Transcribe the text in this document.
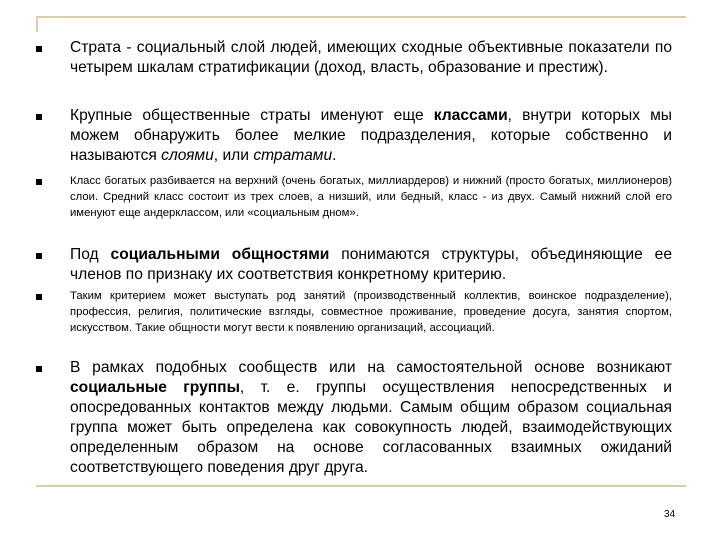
Страта - социальный слой людей, имеющих сходные объективные показатели по четырем шкалам стратификации (доход, власть, образование и престиж).
Крупные общественные страты именуют еще классами, внутри которых мы можем обнаружить более мелкие подразделения, которые собственно и называются слоями, или стратами.
Класс богатых разбивается на верхний (очень богатых, миллиардеров) и нижний (просто богатых, миллионеров) слои. Средний класс состоит из трех слоев, а низший, или бедный, класс - из двух. Самый нижний слой его именуют еще андерклассом, или «социальным дном».
Под социальными общностями понимаются структуры, объединяющие ее членов по признаку их соответствия конкретному критерию.
Таким критерием может выступать род занятий (производственный коллектив, воинское подразделение), профессия, религия, политические взгляды, совместное проживание, проведение досуга, занятия спортом, искусством. Такие общности могут вести к появлению организаций, ассоциаций.
В рамках подобных сообществ или на самостоятельной основе возникают социальные группы, т. е. группы осуществления непосредственных и опосредованных контактов между людьми. Самым общим образом социальная группа может быть определена как совокупность людей, взаимодействующих определенным образом на основе согласованных взаимных ожиданий соответствующего поведения друг друга.
34
